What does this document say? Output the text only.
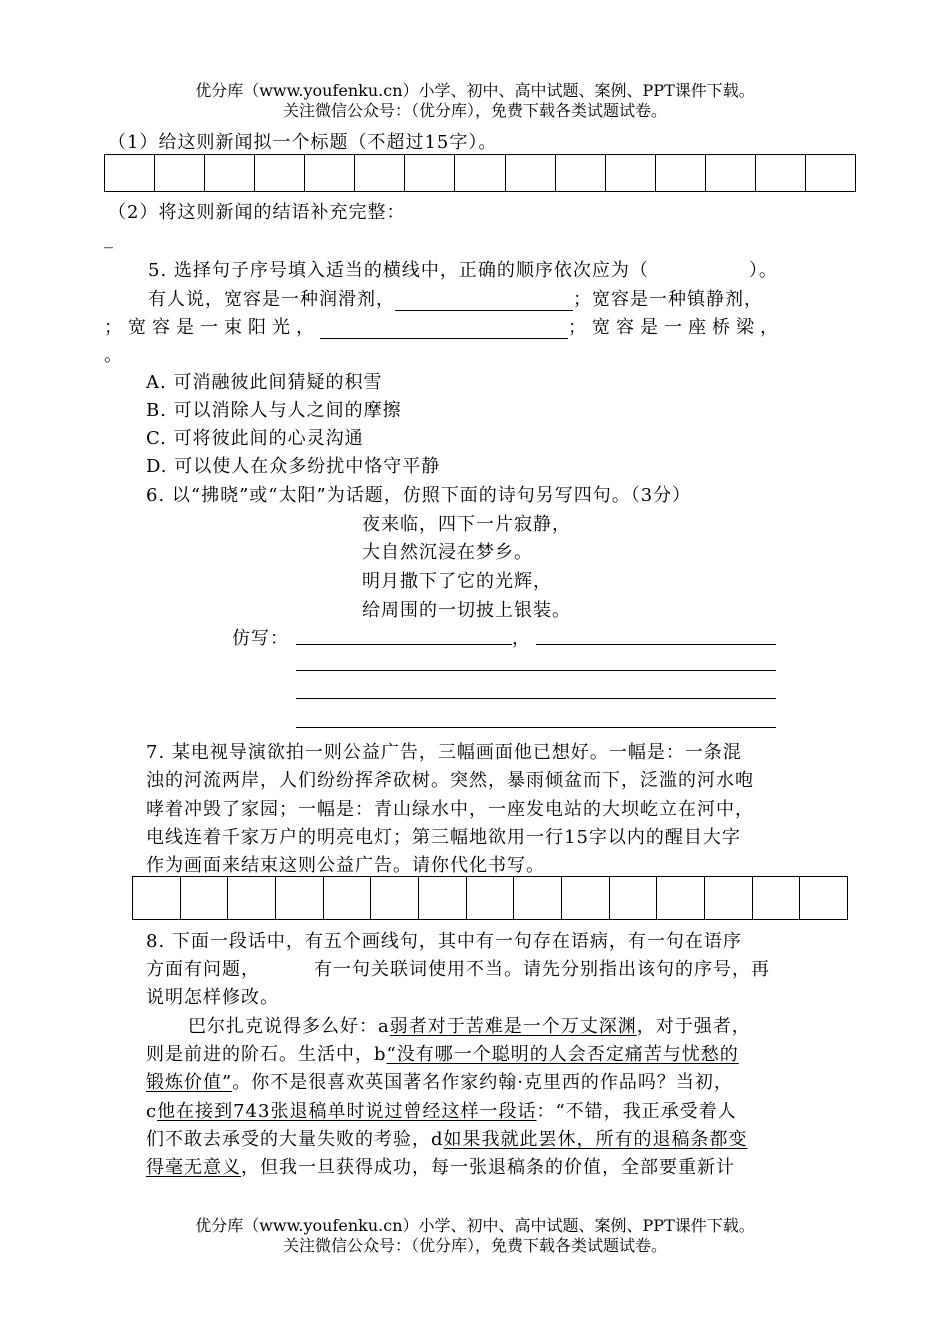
优分库（www.youfenku.cn）小学、初中、高中试题、案例、PPT课件下载。
关注微信公众号：（优分库），免费下载各类试题试卷。
（1）给这则新闻拟一个标题（不超过15字）。

（2）将这则新闻的结语补充完整：
_
5. 选择句子序号填入适当的横线中，正确的顺序依次应为（	）。
有人说，宽容是一种润滑剂，	；宽容是一种镇静剂，
；宽容是一束阳光，	；宽容是一座桥梁，
。
A. 可消融彼此间猜疑的积雪
B. 可以消除人与人之间的摩擦
C. 可将彼此间的心灵沟通
D. 可以使人在众多纷扰中恪守平静
6. 以“拂晓”或“太阳”为话题，仿照下面的诗句另写四句。（3分）
夜来临，四下一片寂静，
大自然沉浸在梦乡。
明月撒下了它的光辉，
给周围的一切披上银装。
仿写：	，
7. 某电视导演欲拍一则公益广告，三幅画面他已想好。一幅是：一条混
浊的河流两岸，人们纷纷挥斧砍树。突然，暴雨倾盆而下，泛滥的河水咆
哮着冲毁了家园；一幅是：青山绿水中，一座发电站的大坝屹立在河中，
电线连着千家万户的明亮电灯；第三幅地欲用一行15字以内的醒目大字
作为画面来结束这则公益广告。请你代化书写。

8. 下面一段话中，有五个画线句，其中有一句存在语病，有一句在语序
方面有问题，	有一句关联词使用不当。请先分别指出该句的序号，再
说明怎样修改。
巴尔扎克说得多么好：a弱者对于苦难是一个万丈深渊，对于强者，
则是前进的阶石。生活中，b“没有哪一个聪明的人会否定痛苦与忧愁的
锻炼价值”。你不是很喜欢英国著名作家约翰·克里西的作品吗？当初，
c他在接到743张退稿单时说过曾经这样一段话：“不错，我正承受着人
们不敢去承受的大量失败的考验，d如果我就此罢休，所有的退稿条都变
得毫无意义，但我一旦获得成功，每一张退稿条的价值，全部要重新计
优分库（www.youfenku.cn）小学、初中、高中试题、案例、PPT课件下载。
关注微信公众号：（优分库），免费下载各类试题试卷。
